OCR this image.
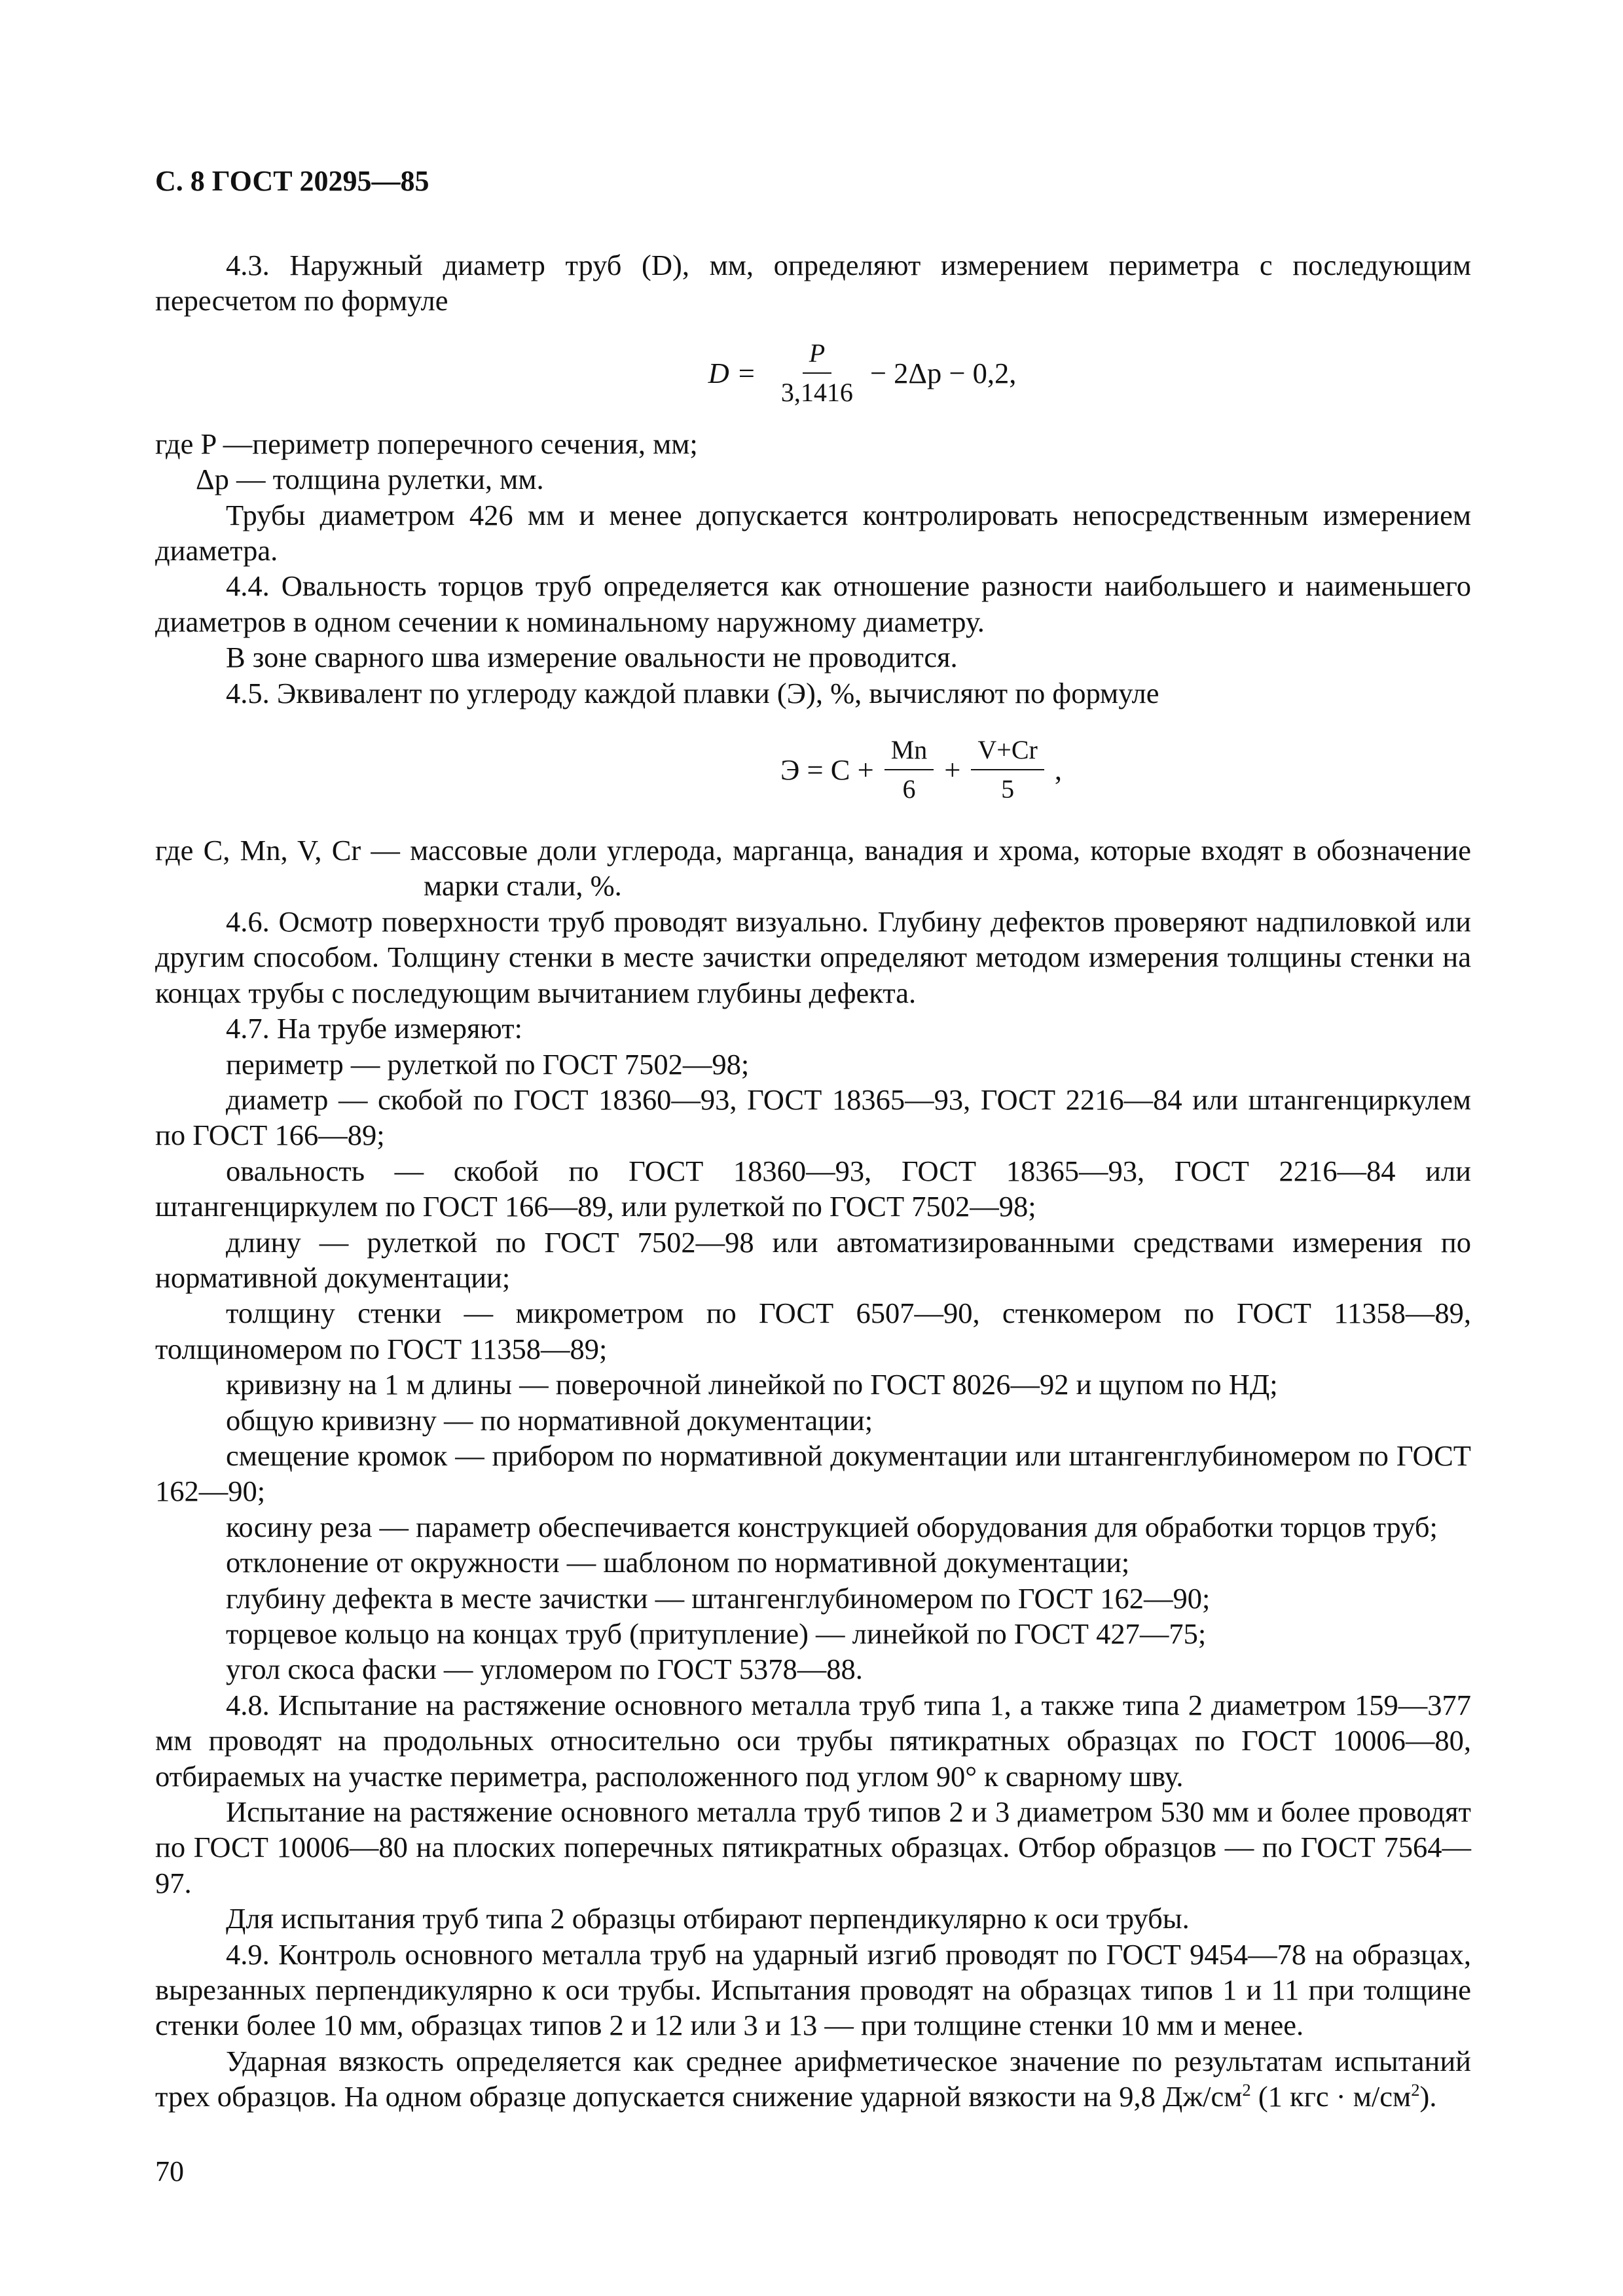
С. 8 ГОСТ 20295—85

4.3. Наружный диаметр труб (D), мм, определяют измерением периметра с последующим пересчетом по формуле

$D = \frac{P}{3,1416} - 2\Delta p - 0,2$,

где P —периметр поперечного сечения, мм;

Δp — толщина рулетки, мм.

Трубы диаметром 426 мм и менее допускается контролировать непосредственным измерением диаметра.

4.4. Овальность торцов труб определяется как отношение разности наибольшего и наименьшего диаметров в одном сечении к номинальному наружному диаметру.

В зоне сварного шва измерение овальности не проводится.

4.5. Эквивалент по углероду каждой плавки (Э), %, вычисляют по формуле

$Э = С + \frac{Mn}{6} + \frac{V+Cr}{5}$ ,

где C, Mn, V, Cr — массовые доли углерода, марганца, ванадия и хрома, которые входят в обозначение марки стали, %.

4.6. Осмотр поверхности труб проводят визуально. Глубину дефектов проверяют надпиловкой или другим способом. Толщину стенки в месте зачистки определяют методом измерения толщины стенки на концах трубы с последующим вычитанием глубины дефекта.

4.7. На трубе измеряют:

периметр — рулеткой по ГОСТ 7502—98;

диаметр — скобой по ГОСТ 18360—93, ГОСТ 18365—93, ГОСТ 2216—84 или штангенциркулем по ГОСТ 166—89;

овальность — скобой по ГОСТ 18360—93, ГОСТ 18365—93, ГОСТ 2216—84 или штангенциркулем по ГОСТ 166—89, или рулеткой по ГОСТ 7502—98;

длину — рулеткой по ГОСТ 7502—98 или автоматизированными средствами измерения по нормативной документации;

толщину стенки — микрометром по ГОСТ 6507—90, стенкомером по ГОСТ 11358—89, толщиномером по ГОСТ 11358—89;

кривизну на 1 м длины — поверочной линейкой по ГОСТ 8026—92 и щупом по НД;

общую кривизну — по нормативной документации;

смещение кромок — прибором по нормативной документации или штангенглубиномером по ГОСТ 162—90;

косину реза — параметр обеспечивается конструкцией оборудования для обработки торцов труб;

отклонение от окружности — шаблоном по нормативной документации;

глубину дефекта в месте зачистки — штангенглубиномером по ГОСТ 162—90;

торцевое кольцо на концах труб (притупление) — линейкой по ГОСТ 427—75;

угол скоса фаски — угломером по ГОСТ 5378—88.

4.8. Испытание на растяжение основного металла труб типа 1, а также типа 2 диаметром 159—377 мм проводят на продольных относительно оси трубы пятикратных образцах по ГОСТ 10006—80, отбираемых на участке периметра, расположенного под углом 90° к сварному шву.

Испытание на растяжение основного металла труб типов 2 и 3 диаметром 530 мм и более проводят по ГОСТ 10006—80 на плоских поперечных пятикратных образцах. Отбор образцов — по ГОСТ 7564—97.

Для испытания труб типа 2 образцы отбирают перпендикулярно к оси трубы.

4.9. Контроль основного металла труб на ударный изгиб проводят по ГОСТ 9454—78 на образцах, вырезанных перпендикулярно к оси трубы. Испытания проводят на образцах типов 1 и 11 при толщине стенки более 10 мм, образцах типов 2 и 12 или 3 и 13 — при толщине стенки 10 мм и менее.

Ударная вязкость определяется как среднее арифметическое значение по результатам испытаний трех образцов. На одном образце допускается снижение ударной вязкости на 9,8 $Дж/см^2$ (1 кгс · $м/см^2$).

70
